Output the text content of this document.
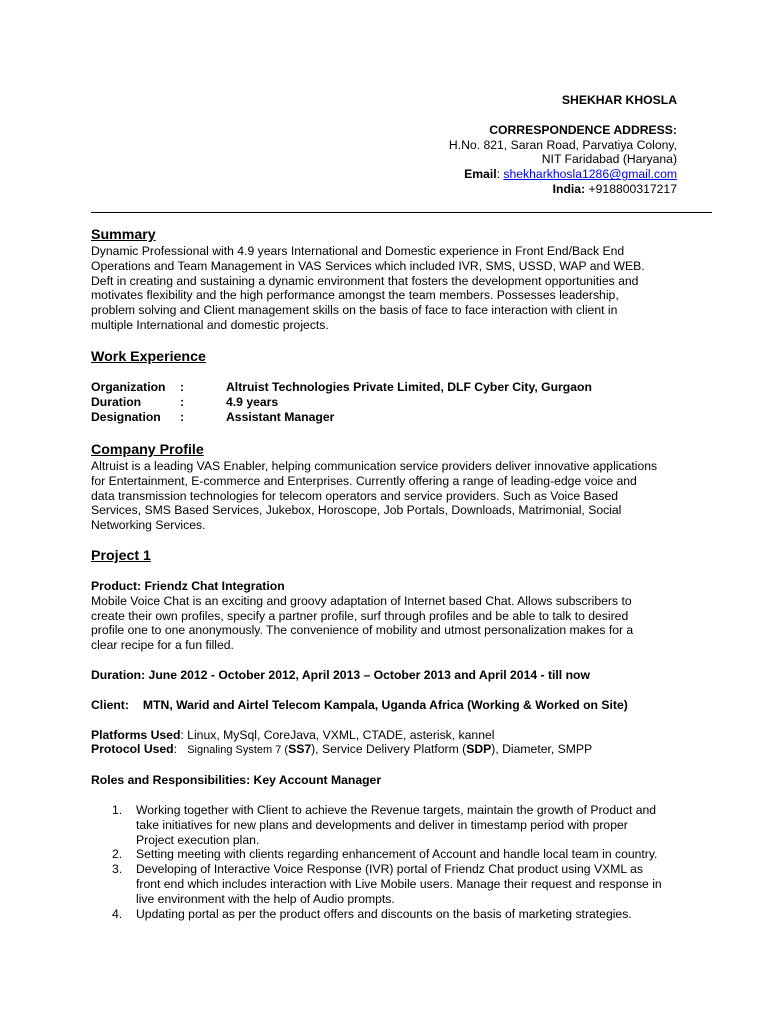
SHEKHAR KHOSLA
CORRESPONDENCE ADDRESS:
H.No. 821, Saran Road, Parvatiya Colony,
NIT Faridabad (Haryana)
Email: shekharkhosla1286@gmail.com
India: +918800317217
Summary
Dynamic Professional with 4.9 years International and Domestic experience in Front End/Back End
Operations and Team Management in VAS Services which included IVR, SMS, USSD, WAP and WEB.
Deft in creating and sustaining a dynamic environment that fosters the development opportunities and
motivates flexibility and the high performance amongst the team members. Possesses leadership,
problem solving and Client management skills on the basis of face to face interaction with client in
multiple International and domestic projects.
Work Experience
Organization :	Altruist Technologies Private Limited, DLF Cyber City, Gurgaon
Duration	:	4.9 years
Designation :	Assistant Manager
Company Profile
Altruist is a leading VAS Enabler, helping communication service providers deliver innovative applications
for Entertainment, E-commerce and Enterprises. Currently offering a range of leading-edge voice and
data transmission technologies for telecom operators and service providers. Such as Voice Based
Services, SMS Based Services, Jukebox, Horoscope, Job Portals, Downloads, Matrimonial, Social
Networking Services.
Project 1
Product: Friendz Chat Integration
Mobile Voice Chat is an exciting and groovy adaptation of Internet based Chat. Allows subscribers to
create their own profiles, specify a partner profile, surf through profiles and be able to talk to desired
profile one to one anonymously. The convenience of mobility and utmost personalization makes for a
clear recipe for a fun filled.
Duration: June 2012 - October 2012, April 2013 – October 2013 and April 2014 - till now
Client: MTN, Warid and Airtel Telecom Kampala, Uganda Africa (Working & Worked on Site)
Platforms Used: Linux, MySql, CoreJava, VXML, CTADE, asterisk, kannel
Protocol Used: Signaling System 7 (SS7), Service Delivery Platform (SDP), Diameter, SMPP
Roles and Responsibilities: Key Account Manager
1. Working together with Client to achieve the Revenue targets, maintain the growth of Product and
take initiatives for new plans and developments and deliver in timestamp period with proper
Project execution plan.
2. Setting meeting with clients regarding enhancement of Account and handle local team in country.
3. Developing of Interactive Voice Response (IVR) portal of Friendz Chat product using VXML as
front end which includes interaction with Live Mobile users. Manage their request and response in
live environment with the help of Audio prompts.
4. Updating portal as per the product offers and discounts on the basis of marketing strategies.
